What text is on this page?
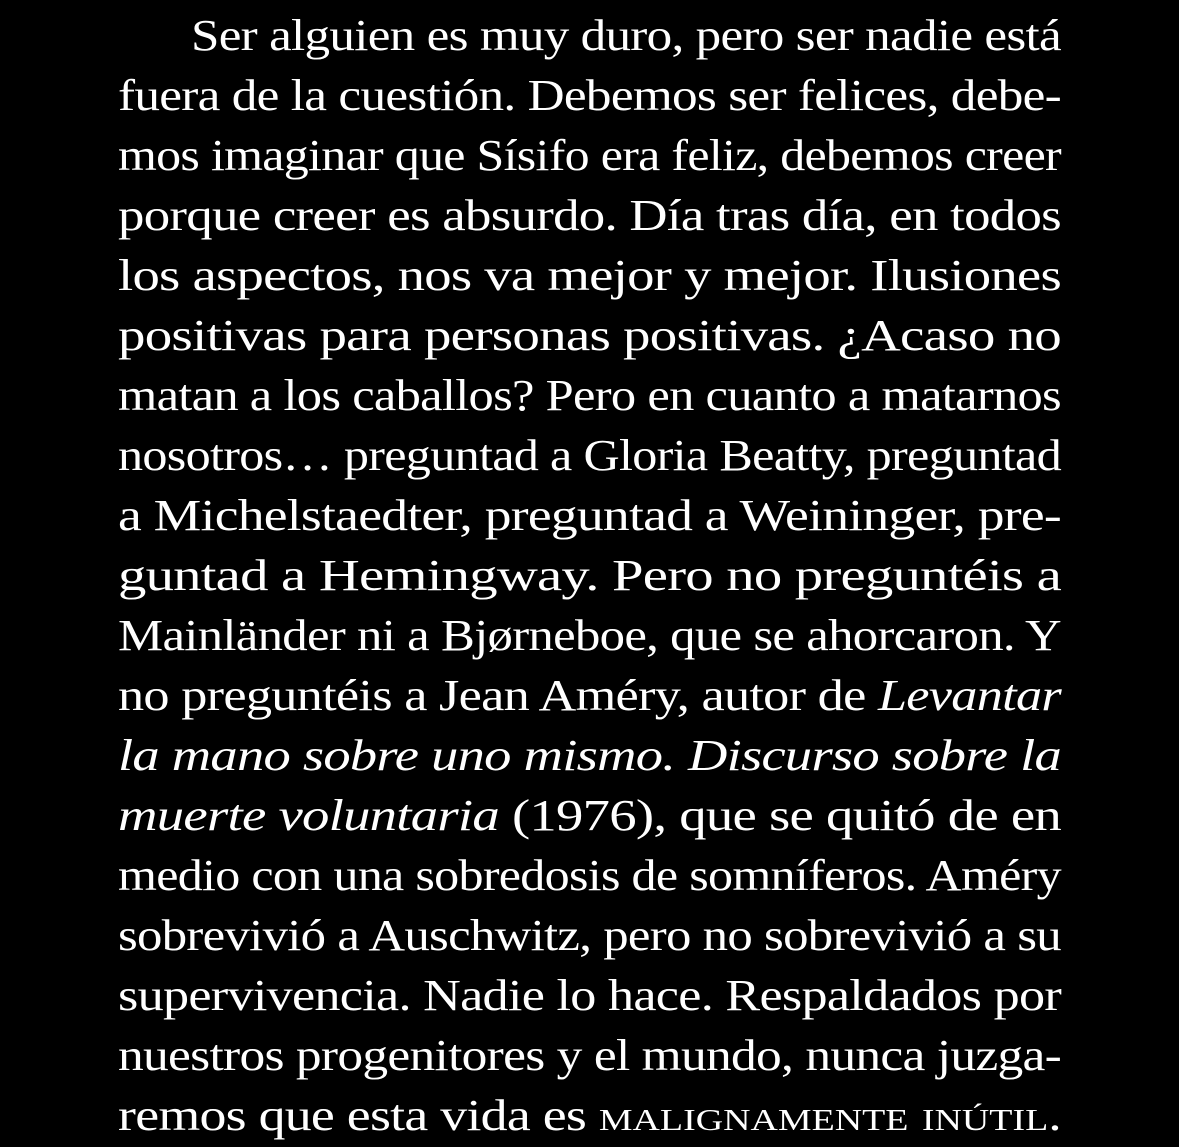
Ser alguien es muy duro, pero ser nadie está
fuera de la cuestión. Debemos ser felices, debe-
mos imaginar que Sísifo era feliz, debemos creer
porque creer es absurdo. Día tras día, en todos
los aspectos, nos va mejor y mejor. Ilusiones
positivas para personas positivas. ¿Acaso no
matan a los caballos? Pero en cuanto a matarnos
nosotros… preguntad a Gloria Beatty, preguntad
a Michelstaedter, preguntad a Weininger, pre-
guntad a Hemingway. Pero no preguntéis a
Mainländer ni a Bjørneboe, que se ahorcaron. Y
no preguntéis a Jean Améry, autor de Levantar
la mano sobre uno mismo. Discurso sobre la
muerte voluntaria (1976), que se quitó de en
medio con una sobredosis de somníferos. Améry
sobrevivió a Auschwitz, pero no sobrevivió a su
supervivencia. Nadie lo hace. Respaldados por
nuestros progenitores y el mundo, nunca juzga-
remos que esta vida es malignamente inútil.
